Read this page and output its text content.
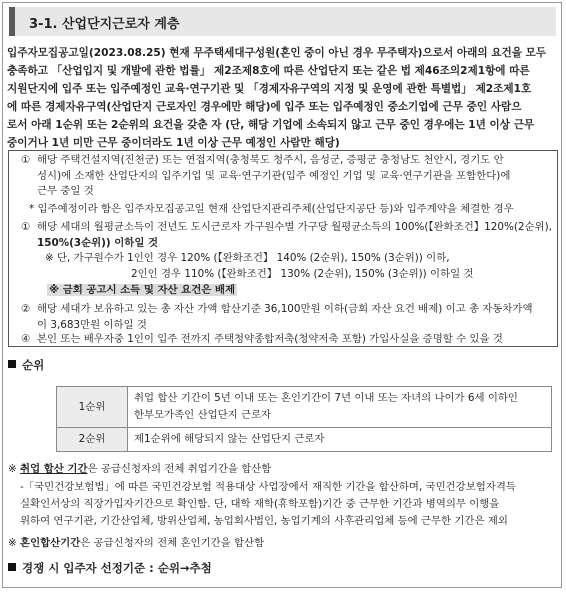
3-1. 산업단지근로자 계층
입주자모집공고일(2023.08.25) 현재 무주택세대구성원(혼인 중이 아닌 경우 무주택자)으로서 아래의 요건을 모두
충족하고 「산업입지 및 개발에 관한 법률」 제2조제8호에 따른 산업단지 또는 같은 법 제46조의2제1항에 따른
지원단지에 입주 또는 입주예정인 교육·연구기관 및 「경제자유구역의 지정 및 운영에 관한 특별법」 제2조제1호
에 따른 경제자유구역(산업단지 근로자인 경우에만 해당)에 입주 또는 입주예정인 중소기업에 근무 중인 사람으
로서 아래 1순위 또는 2순위의 요건을 갖춘 자 (단, 해당 기업에 소속되지 않고 근무 중인 경우에는 1년 이상 근무
중이거나 1년 미만 근무 중이더라도 1년 이상 근무 예정인 사람만 해당)
① 해당 주택건설지역(진천군) 또는 연접지역(충청북도 청주시, 음성군, 증평군 충청남도 천안시, 경기도 안
성시)에 소재한 산업단지의 입주기업 및 교육·연구기관(입주 예정인 기업 및 교육·연구기관을 포함한다)에
근무 중일 것
* 입주예정이라 함은 입주자모집공고일 현재 산업단지관리주체(산업단지공단 등)와 입주계약을 체결한 경우
① 해당 세대의 월평균소득이 전년도 도시근로자 가구원수별 가구당 월평균소득의 100%(【완화조건】120%(2순위),
150%(3순위)) 이하일 것
※ 단, 가구원수가 1인인 경우 120% (【완화조건】 140% (2순위), 150% (3순위)) 이하,
2인인 경우 110% (【완화조건】 130% (2순위), 150% (3순위)) 이하일 것
※ 금회 공고시 소득 및 자산 요건은 배제
② 해당 세대가 보유하고 있는 총 자산 가액 합산기준 36,100만원 이하(금회 자산 요건 배제) 이고 총 자동차가액
이 3,683만원 이하일 것
④ 본인 또는 배우자중 1인이 입주 전까지 주택청약종합저축(청약저축 포함) 가입사실을 증명할 수 있을 것
순위
1순위	취업 합산 기간이 5년 이내 또는 혼인기간이 7년 이내 또는 자녀의 나이가 6세 이하인
한부모가족인 산업단지 근로자

2순위	제1순위에 해당되지 않는 산업단지 근로자
※ 취업 합산 기간은 공급신청자의 전체 취업기간을 합산함
-「국민건강보험법」에 따른 국민건강보험 적용대상 사업장에서 재직한 기간을 합산하며, 국민건강보험자격득
실확인서상의 직장가입자기간으로 확인함. 단, 대학 재학(휴학포함)기간 중 근무한 기간과 병역의무 이행을
위하여 연구기관, 기간산업체, 방위산업체, 농업회사법인, 농업기계의 사후관리업체 등에 근무한 기간은 제외
※ 혼인합산기간은 공급신청자의 전체 혼인기간을 합산함
경쟁 시 입주자 선정기준 : 순위→추첨
